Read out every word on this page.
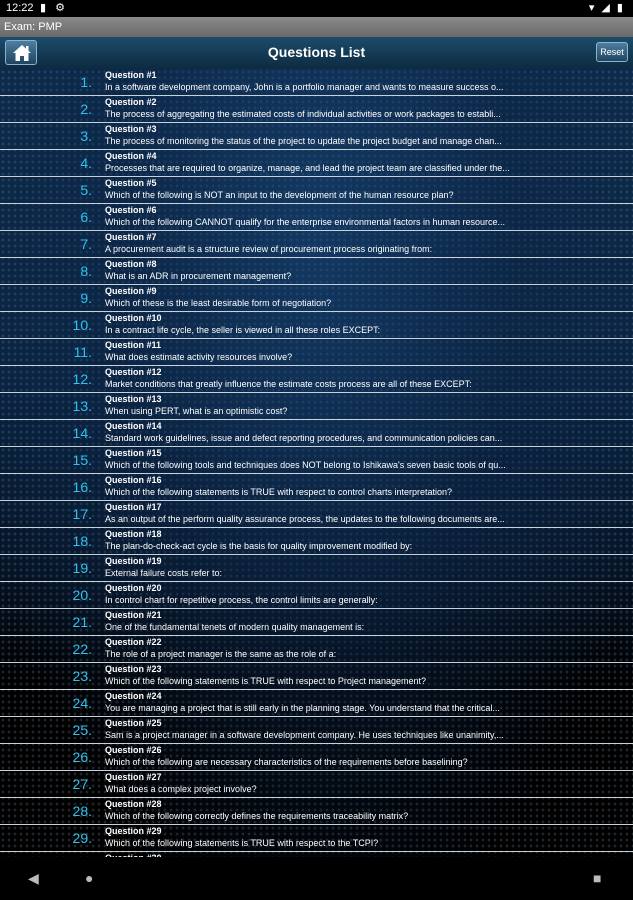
12:22 ▮ ⚙	▾ ◢ ▮
Exam: PMP
Questions List	Reset
1. Question #1
In a software development company, John is a portfolio manager and wants to measure success o...
2. Question #2
The process of aggregating the estimated costs of individual activities or work packages to establi...
3. Question #3
The process of monitoring the status of the project to update the project budget and manage chan...
4. Question #4
Processes that are required to organize, manage, and lead the project team are classified under the...
5. Question #5
Which of the following is NOT an input to the development of the human resource plan?
6. Question #6
Which of the following CANNOT qualify for the enterprise environmental factors in human resource...
7. Question #7
A procurement audit is a structure review of procurement process originating from:
8. Question #8
What is an ADR in procurement management?
9. Question #9
Which of these is the least desirable form of negotiation?
10. Question #10
In a contract life cycle, the seller is viewed in all these roles EXCEPT:
11. Question #11
What does estimate activity resources involve?
12. Question #12
Market conditions that greatly influence the estimate costs process are all of these EXCEPT:
13. Question #13
When using PERT, what is an optimistic cost?
14. Question #14
Standard work guidelines, issue and defect reporting procedures, and communication policies can...
15. Question #15
Which of the following tools and techniques does NOT belong to Ishikawa's seven basic tools of qu...
16. Question #16
Which of the following statements is TRUE with respect to control charts interpretation?
17. Question #17
As an output of the perform quality assurance process, the updates to the following documents are...
18. Question #18
The plan-do-check-act cycle is the basis for quality improvement modified by:
19. Question #19
External failure costs refer to:
20. Question #20
In control chart for repetitive process, the control limits are generally:
21. Question #21
One of the fundamental tenets of modern quality management is:
22. Question #22
The role of a project manager is the same as the role of a:
23. Question #23
Which of the following statements is TRUE with respect to Project management?
24. Question #24
You are managing a project that is still early in the planning stage. You understand that the critical...
25. Question #25
Sam is a project manager in a software development company. He uses techniques like unanimity,...
26. Question #26
Which of the following are necessary characteristics of the requirements before baselining?
27. Question #27
What does a complex project involve?
28. Question #28
Which of the following correctly defines the requirements traceability matrix?
29. Question #29
Which of the following statements is TRUE with respect to the TCPI?
◀	●	■
